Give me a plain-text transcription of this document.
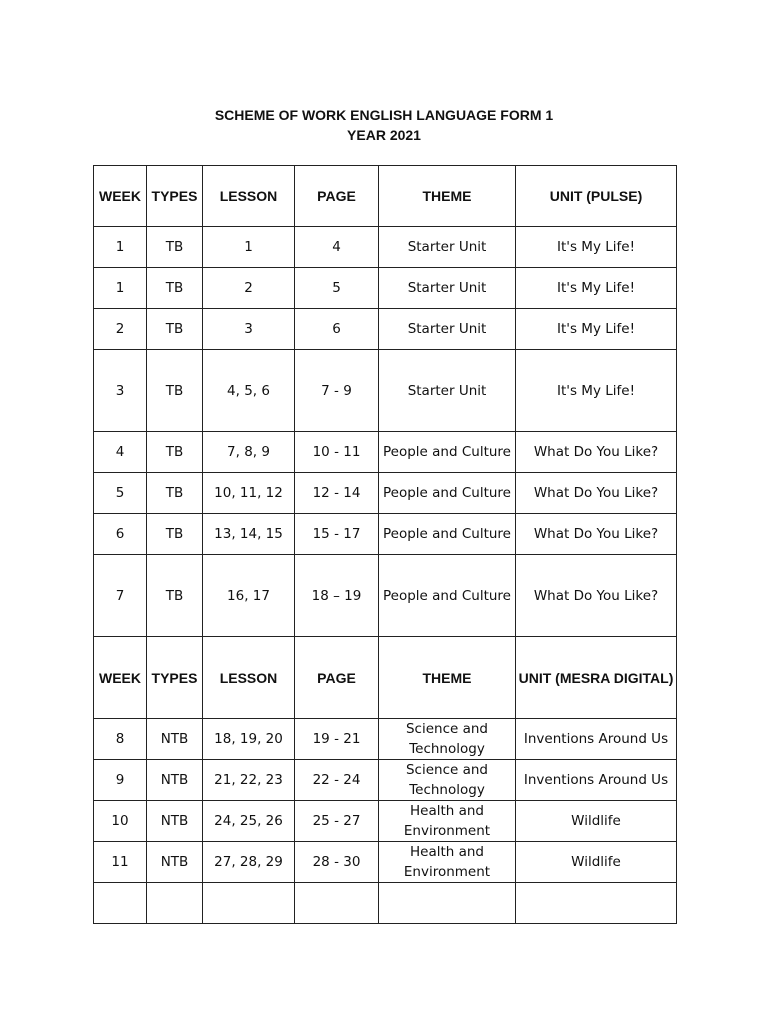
SCHEME OF WORK ENGLISH LANGUAGE FORM 1
YEAR 2021
WEEK	TYPES	LESSON	PAGE	THEME	UNIT (PULSE)
1	TB	1	4	Starter Unit	It's My Life!
1	TB	2	5	Starter Unit	It's My Life!
2	TB	3	6	Starter Unit	It's My Life!
3	TB	4, 5, 6	7 - 9	Starter Unit	It's My Life!
4	TB	7, 8, 9	10 - 11	People and Culture	What Do You Like?
5	TB	10, 11, 12	12 - 14	People and Culture	What Do You Like?
6	TB	13, 14, 15	15 - 17	People and Culture	What Do You Like?
7	TB	16, 17	18 – 19	People and Culture	What Do You Like?
WEEK	TYPES	LESSON	PAGE	THEME	UNIT (MESRA DIGITAL)
8	NTB	18, 19, 20	19 - 21	Science and Technology	Inventions Around Us
9	NTB	21, 22, 23	22 - 24	Science and Technology	Inventions Around Us
10	NTB	24, 25, 26	25 - 27	Health and Environment	Wildlife
11	NTB	27, 28, 29	28 - 30	Health and Environment	Wildlife
